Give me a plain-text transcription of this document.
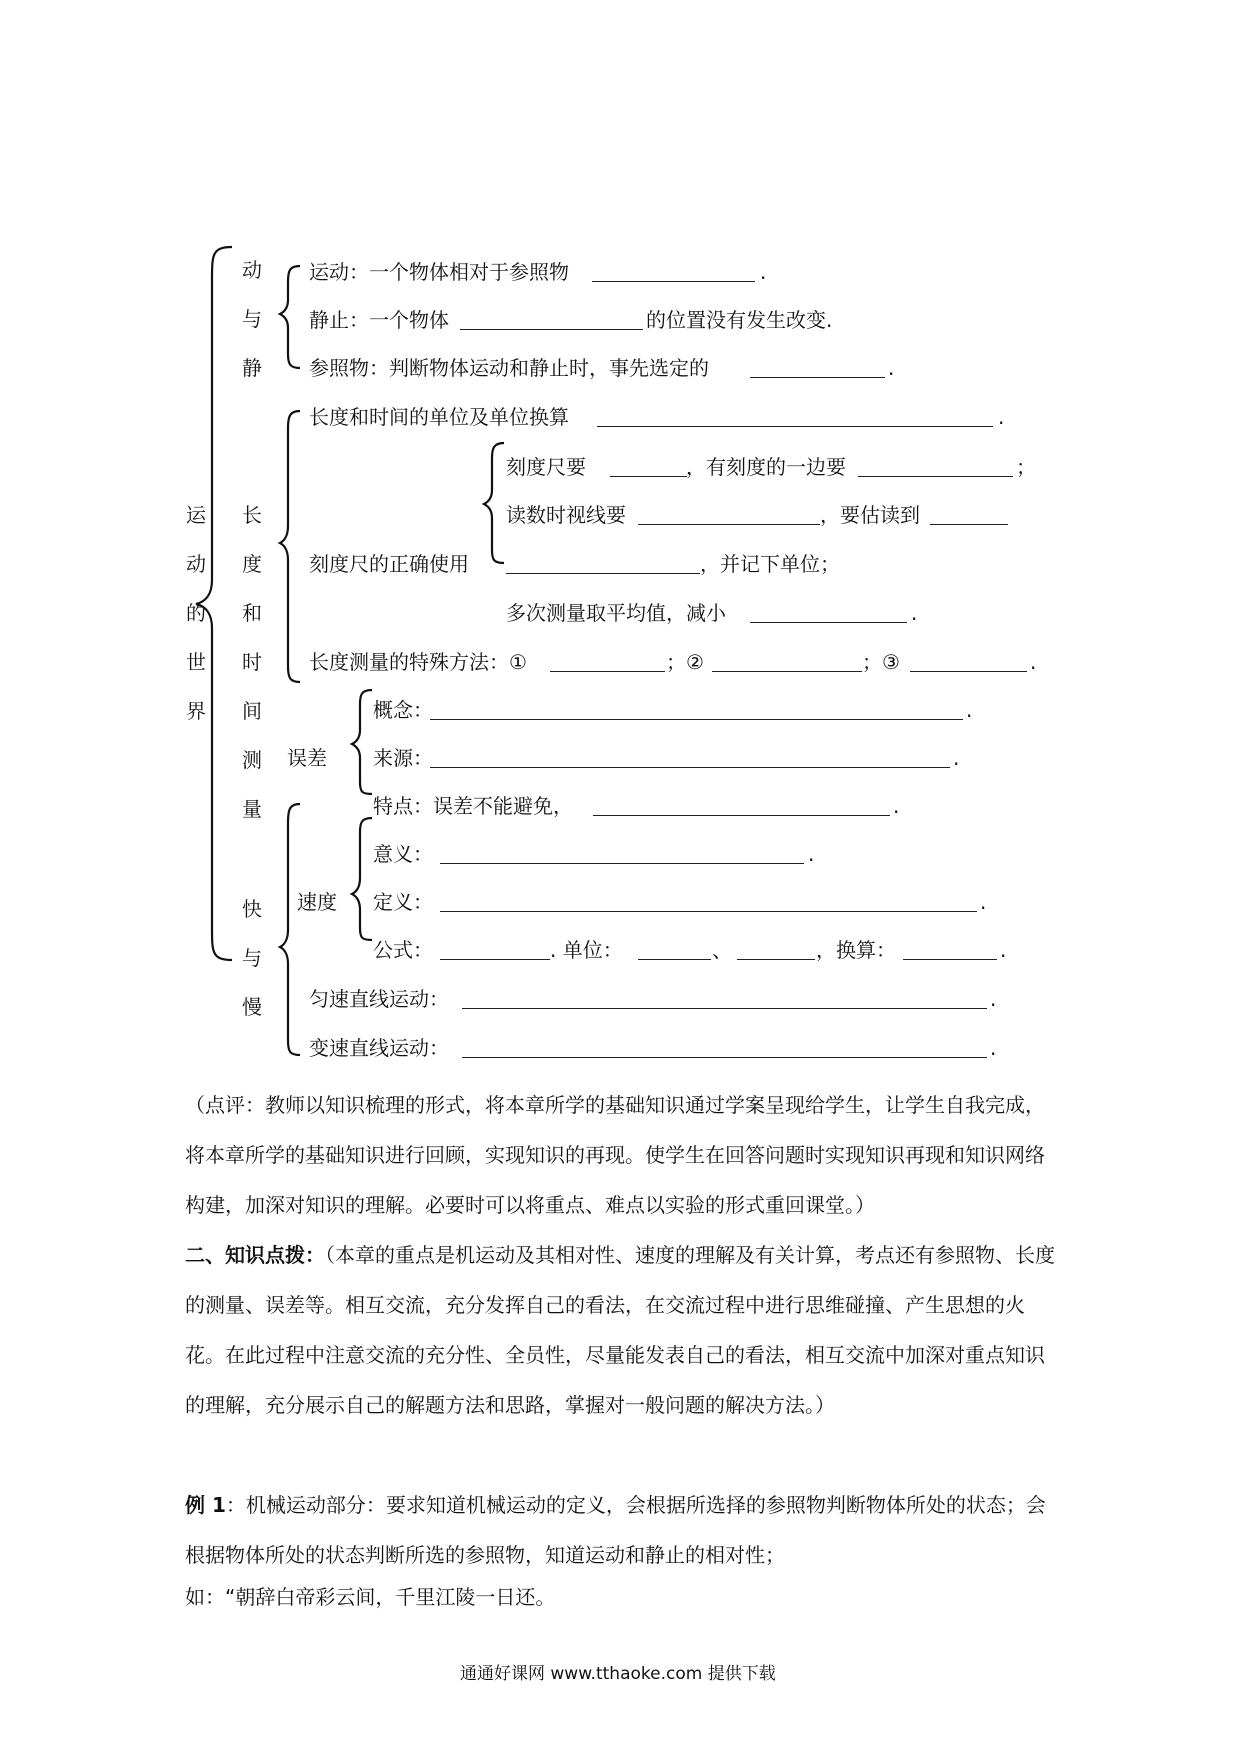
运
动
的
世
界
动
与
静
长
度
和
时
间
测
量
快
与
慢
运动：一个物体相对于参照物	.
静止：一个物体	的位置没有发生改变.
参照物：判断物体运动和静止时，事先选定的	.
长度和时间的单位及单位换算	.
刻度尺的正确使用
刻度尺要	，有刻度的一边要	；
读数时视线要	，要估读到
，并记下单位；
多次测量取平均值，减小	.
长度测量的特殊方法：①	；②	；③	.
误差
概念：	.
来源：	.
特点：误差不能避免，	.
速度
意义：	.
定义：	.
公式：	. 单位：	、	，换算：	.
匀速直线运动：	.
变速直线运动：	.
（点评：教师以知识梳理的形式，将本章所学的基础知识通过学案呈现给学生，让学生自我完成，将本章所学的基础知识进行回顾，实现知识的再现。使学生在回答问题时实现知识再现和知识网络构建，加深对知识的理解。必要时可以将重点、难点以实验的形式重回课堂。）
二、知识点拨：（本章的重点是机运动及其相对性、速度的理解及有关计算，考点还有参照物、长度的测量、误差等。相互交流，充分发挥自己的看法，在交流过程中进行思维碰撞、产生思想的火花。在此过程中注意交流的充分性、全员性，尽量能发表自己的看法，相互交流中加深对重点知识的理解，充分展示自己的解题方法和思路，掌握对一般问题的解决方法。）
例 1：机械运动部分：要求知道机械运动的定义，会根据所选择的参照物判断物体所处的状态；会根据物体所处的状态判断所选的参照物，知道运动和静止的相对性；
如：“朝辞白帝彩云间，千里江陵一日还。
通通好课网 www.tthaoke.com 提供下载
